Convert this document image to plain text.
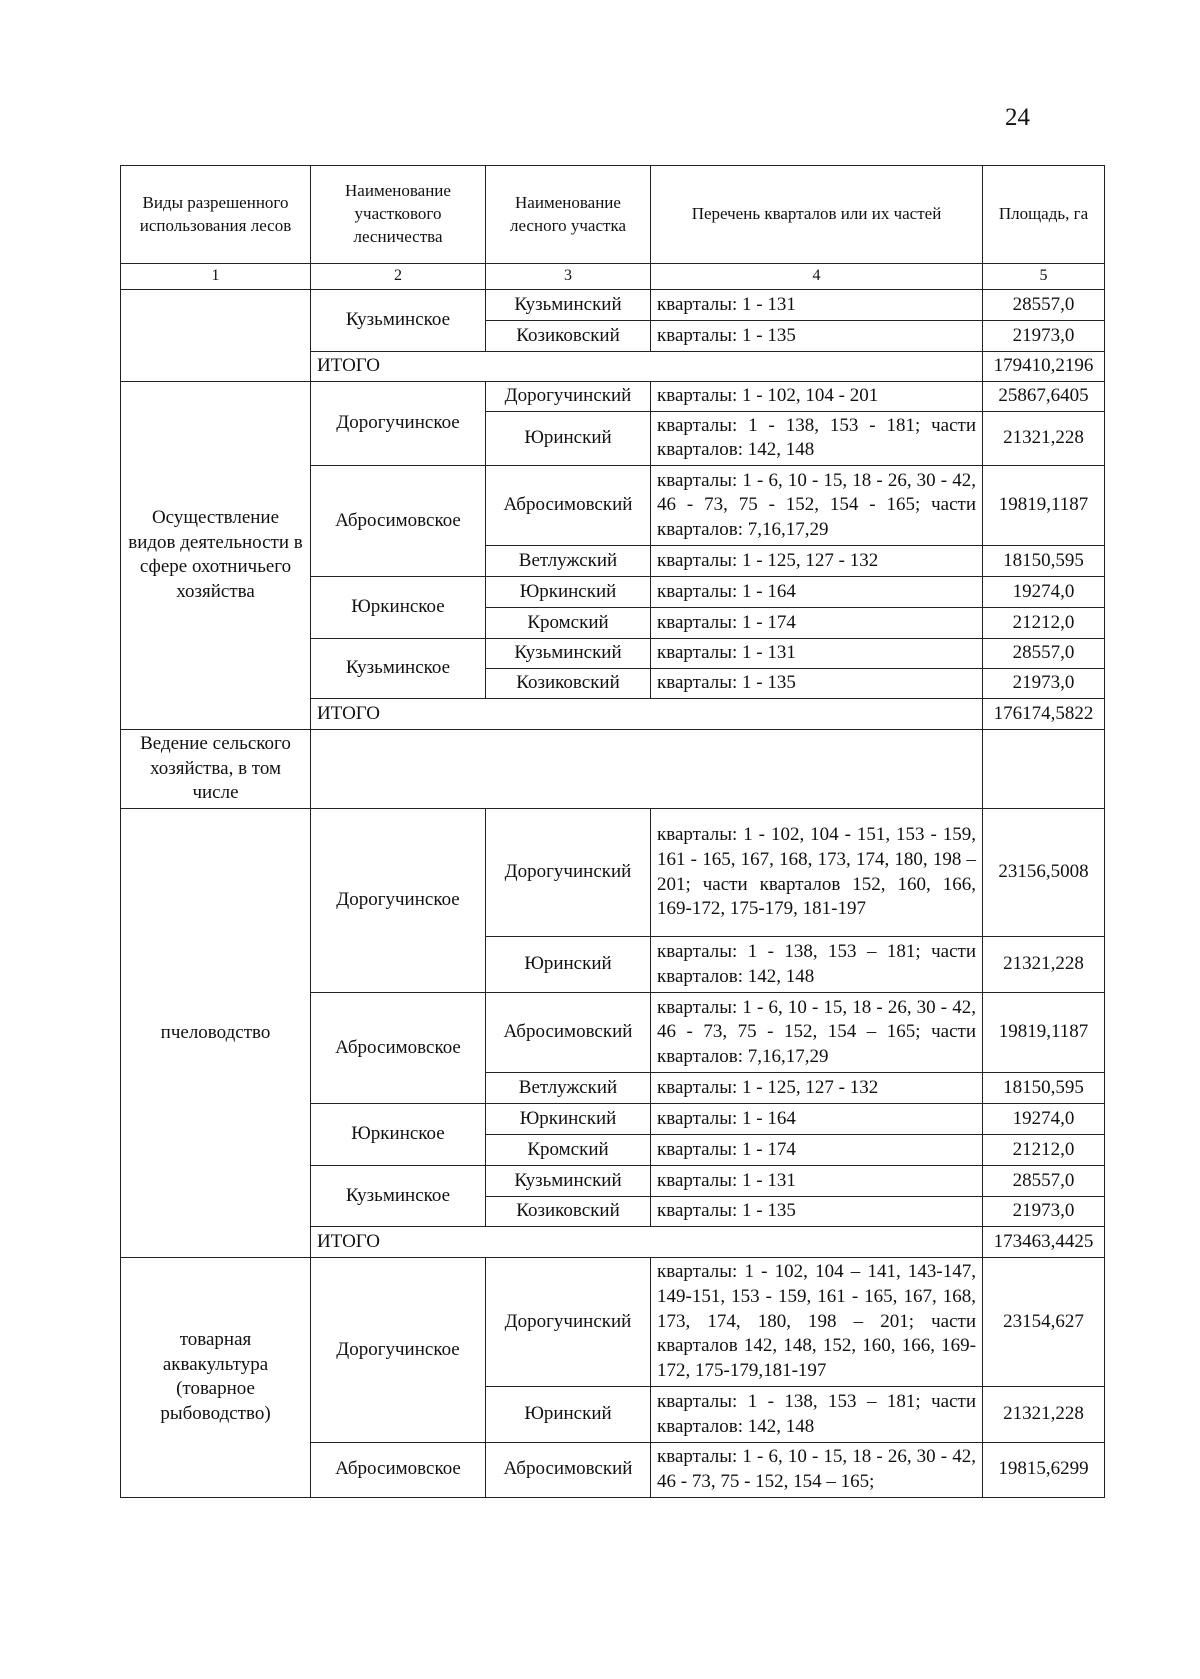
24
Виды разрешенного использования лесов	Наименование участкового лесничества	Наименование лесного участка	Перечень кварталов или их частей	Площадь, га
1	2	3	4	5
	Кузьминское	Кузьминский	кварталы: 1 - 131	28557,0
		Козиковский	кварталы: 1 - 135	21973,0
	ИТОГО			179410,2196
Осуществление видов деятельности в сфере охотничьего хозяйства	Дорогучинское	Дорогучинский	кварталы: 1 - 102, 104 - 201	25867,6405
		Юринский	кварталы: 1 - 138, 153 - 181; части кварталов: 142, 148	21321,228
	Абросимовское	Абросимовский	кварталы: 1 - 6, 10 - 15, 18 - 26, 30 - 42, 46 - 73, 75 - 152, 154 - 165; части кварталов: 7,16,17,29	19819,1187
		Ветлужский	кварталы: 1 - 125, 127 - 132	18150,595
	Юркинское	Юркинский	кварталы: 1 - 164	19274,0
		Кромский	кварталы: 1 - 174	21212,0
	Кузьминское	Кузьминский	кварталы: 1 - 131	28557,0
		Козиковский	кварталы: 1 - 135	21973,0
	ИТОГО			176174,5822
Ведение сельского хозяйства, в том числе				
пчеловодство	Дорогучинское	Дорогучинский	кварталы: 1 - 102, 104 - 151, 153 - 159, 161 - 165, 167, 168, 173, 174, 180, 198 – 201; части кварталов 152, 160, 166, 169-172, 175-179, 181-197	23156,5008
		Юринский	кварталы: 1 - 138, 153 – 181; части кварталов: 142, 148	21321,228
	Абросимовское	Абросимовский	кварталы: 1 - 6, 10 - 15, 18 - 26, 30 - 42, 46 - 73, 75 - 152, 154 – 165; части кварталов: 7,16,17,29	19819,1187
		Ветлужский	кварталы: 1 - 125, 127 - 132	18150,595
	Юркинское	Юркинский	кварталы: 1 - 164	19274,0
		Кромский	кварталы: 1 - 174	21212,0
	Кузьминское	Кузьминский	кварталы: 1 - 131	28557,0
		Козиковский	кварталы: 1 - 135	21973,0
	ИТОГО			173463,4425
товарная аквакультура (товарное рыбоводство)	Дорогучинское	Дорогучинский	кварталы: 1 - 102, 104 – 141, 143-147, 149-151, 153 - 159, 161 - 165, 167, 168, 173, 174, 180, 198 – 201; части кварталов 142, 148, 152, 160, 166, 169-172, 175-179,181-197	23154,627
		Юринский	кварталы: 1 - 138, 153 – 181; части кварталов: 142, 148	21321,228
	Абросимовское	Абросимовский	кварталы: 1 - 6, 10 - 15, 18 - 26, 30 - 42, 46 - 73, 75 - 152, 154 – 165;	19815,6299
